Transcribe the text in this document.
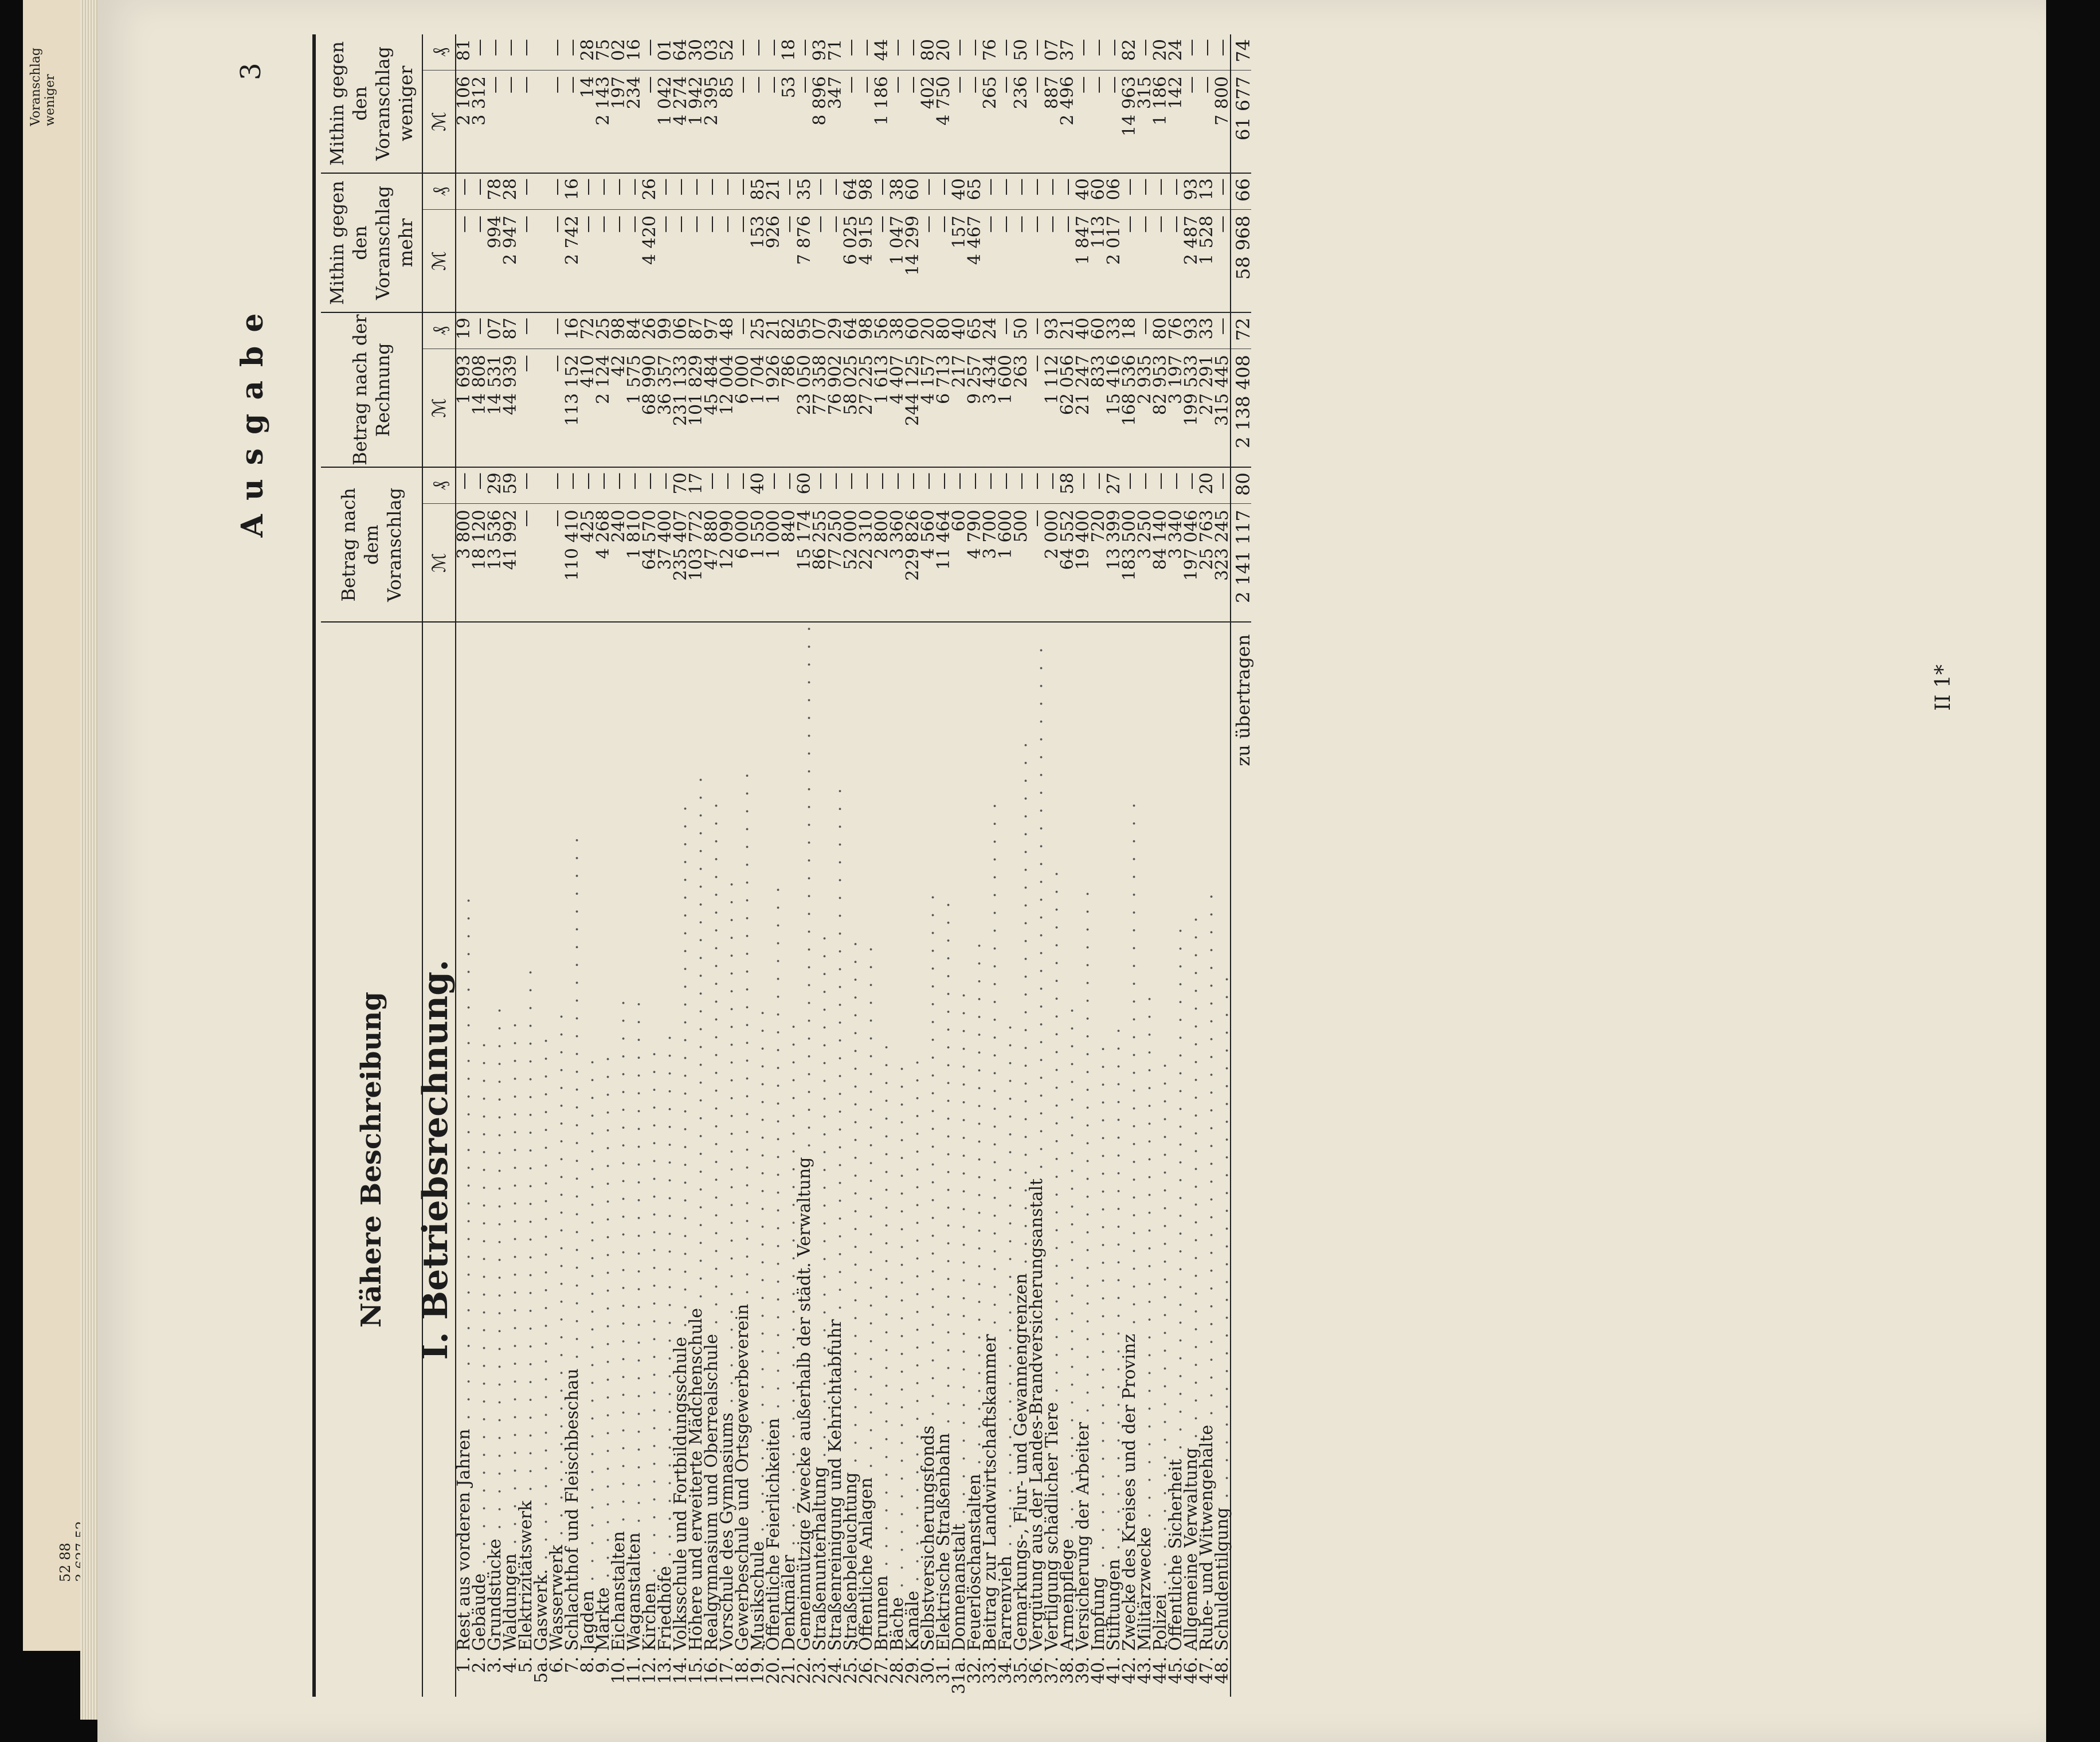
Voranschlag weniger
52 88
3
Ausgabe
Nähere Beschreibung		Betrag nach dem Voranschlag		Betrag nach der Rechnung		Mithin gegen den Voranschlag mehr		Mithin gegen den Voranschlag weniger	
I. Betriebsrechnung.		ℳ	₰	ℳ	₰	ℳ	₰	ℳ	₰
1.	Rest aus vorderen Jahren . . . . . . . . . . . . . . . . . . . . . . . . . . . . . .	3 800	—	1 693	19	—	—	2 106	81
2.	Gebäude . . . . . . . . . . . . . . . . . . . . . . . . . . . . . .	18 120	—	14 808	—	—	—	3 312	—
3.	Grundstücke . . . . . . . . . . . . . . . . . . . . . . . . . . . . . .	13 536	29	14 531	07	994	78	—	—
4.	Waldungen . . . . . . . . . . . . . . . . . . . . . . . . . . . . . .	41 992	59	44 939	87	2 947	28	—	—
5.	Elektrizitätswerk . . . . . . . . . . . . . . . . . . . . . . . . . . . . . .	—	—	—	—	—	—	—	—
5a.	Gaswerk. . . . . . . . . . . . . . . . . . . . . . . . . . . . . . .								
6.	Wasserwerk . . . . . . . . . . . . . . . . . . . . . . . . . . . . . .	—	—	—	—	—	—	—	—
7.	Schlachthof und Fleischbeschau . . . . . . . . . . . . . . . . . . . . . . . . . . . . . .	110 410	—	113 152	16	2 742	16	—	—
8.	Jagden . . . . . . . . . . . . . . . . . . . . . . . . . . . . . .	425	—	410	72	—	—	14	28
9.	Märkte . . . . . . . . . . . . . . . . . . . . . . . . . . . . . .	4 268	—	2 124	25	—	—	2 143	75
10.	Eichanstalten . . . . . . . . . . . . . . . . . . . . . . . . . . . . . .	240	—	42	98	—	—	197	02
11.	Waganstalten . . . . . . . . . . . . . . . . . . . . . . . . . . . . . .	1 810	—	1 575	84	—	—	234	16
12.	Kirchen . . . . . . . . . . . . . . . . . . . . . . . . . . . . . .	64 570	—	68 990	26	4 420	26	—	—
13.	Friedhöfe . . . . . . . . . . . . . . . . . . . . . . . . . . . . . .	37 400	—	36 357	99	—	—	1 042	01
14.	Volksschule und Fortbildungsschule . . . . . . . . . . . . . . . . . . . . . . . . . . . . . .	235 407	70	231 133	06	—	—	4 274	64
15.	Höhere und erweiterte Mädchenschule . . . . . . . . . . . . . . . . . . . . . . . . . . . . . .	103 772	17	101 829	87	—	—	1 942	30
16.	Realgymnasium und Oberrealschule . . . . . . . . . . . . . . . . . . . . . . . . . . . . . .	47 880	—	45 484	97	—	—	2 395	03
17.	Vorschule des Gymnasiums . . . . . . . . . . . . . . . . . . . . . . . . . . . . . .	12 090	—	12 004	48	—	—	85	52
18.	Gewerbeschule und Ortsgewerbeverein . . . . . . . . . . . . . . . . . . . . . . . . . . . . . .	6 000	—	6 000	—	—	—	—	—
19.	Musikschule . . . . . . . . . . . . . . . . . . . . . . . . . . . . . .	1 550	40	1 704	25	153	85	—	—
20.	Öffentliche Feierlichkeiten . . . . . . . . . . . . . . . . . . . . . . . . . . . . . .	1 000	—	1 926	21	926	21	—	—
21.	Denkmäler . . . . . . . . . . . . . . . . . . . . . . . . . . . . . .	840	—	786	82	—	—	53	18
22.	Gemeinnützige Zwecke außerhalb der städt. Verwaltung . . . . . . . . . . . . . . . . . . . . . . . . . . . . . .	15 174	60	23 050	95	7 876	35	—	—
23.	Straßenunterhaltung . . . . . . . . . . . . . . . . . . . . . . . . . . . . . .	86 255	—	77 358	07	—	—	8 896	93
24.	Straßenreinigung und Kehrichtabfuhr . . . . . . . . . . . . . . . . . . . . . . . . . . . . . .	77 250	—	76 902	29	—	—	347	71
25.	Straßenbeleuchtung . . . . . . . . . . . . . . . . . . . . . . . . . . . . . .	52 000	—	58 025	64	6 025	64	—	—
26.	Öffentliche Anlagen . . . . . . . . . . . . . . . . . . . . . . . . . . . . . .	22 310	—	27 225	98	4 915	98	—	—
27.	Brunnen . . . . . . . . . . . . . . . . . . . . . . . . . . . . . .	2 800	—	1 613	56	—	—	1 186	44
28.	Bäche . . . . . . . . . . . . . . . . . . . . . . . . . . . . . .	3 360	—	4 407	38	1 047	38	—	—
29.	Kanäle . . . . . . . . . . . . . . . . . . . . . . . . . . . . . .	229 826	—	244 125	60	14 299	60	—	—
30.	Selbstversicherungsfonds . . . . . . . . . . . . . . . . . . . . . . . . . . . . . .	4 560	—	4 157	20	—	—	402	80
31.	Elektrische Straßenbahn . . . . . . . . . . . . . . . . . . . . . . . . . . . . . .	11 464	—	6 713	80	—	—	4 750	20
31a.	Donnenanstalt . . . . . . . . . . . . . . . . . . . . . . . . . . . . . .	60	—	217	40	157	40	—	—
32.	Feuerlöschanstalten . . . . . . . . . . . . . . . . . . . . . . . . . . . . . .	4 790	—	9 257	65	4 467	65	—	—
33.	Beitrag zur Landwirtschaftskammer . . . . . . . . . . . . . . . . . . . . . . . . . . . . . .	3 700	—	3 434	24	—	—	265	76
34.	Farrenvieh . . . . . . . . . . . . . . . . . . . . . . . . . . . . . .	1 600	—	1 600	—	—	—	—	—
35.	Gemarkungs-, Flur- und Gewannengrenzen . . . . . . . . . . . . . . . . . . . . . . . . . . . . . .	500	—	263	50	—	—	236	50
36.	Vergütung aus der Landes-Brandversicherungsanstalt . . . . . . . . . . . . . . . . . . . . . . . . . . . . . .	—	—	—	—	—	—	—	—
37.	Vertilgung schädlicher Tiere . . . . . . . . . . . . . . . . . . . . . . . . . . . . . .	2 000	—	1 112	93	—	—	887	07
38.	Armenpflege . . . . . . . . . . . . . . . . . . . . . . . . . . . . . .	64 552	58	62 056	21	—	—	2 496	37
39.	Versicherung der Arbeiter . . . . . . . . . . . . . . . . . . . . . . . . . . . . . .	19 400	—	21 247	40	1 847	40	—	—
40.	Impfung . . . . . . . . . . . . . . . . . . . . . . . . . . . . . .	720	—	833	60	113	60	—	—
41.	Stiftungen . . . . . . . . . . . . . . . . . . . . . . . . . . . . . .	13 399	27	15 416	33	2 017	06	—	—
42.	Zwecke des Kreises und der Provinz . . . . . . . . . . . . . . . . . . . . . . . . . . . . . .	183 500	—	168 536	18	—	—	14 963	82
43.	Militärzwecke . . . . . . . . . . . . . . . . . . . . . . . . . . . . . .	3 250	—	2 935	—	—	—	315	—
44.	Polizei . . . . . . . . . . . . . . . . . . . . . . . . . . . . . .	84 140	—	82 953	80	—	—	1 186	20
45.	Öffentliche Sicherheit . . . . . . . . . . . . . . . . . . . . . . . . . . . . . .	3 340	—	3 197	76	—	—	142	24
46.	Allgemeine Verwaltung . . . . . . . . . . . . . . . . . . . . . . . . . . . . . .	197 046	—	199 533	93	2 487	93	—	—
47.	Ruhe- und Witwengehalte . . . . . . . . . . . . . . . . . . . . . . . . . . . . . .	25 763	20	27 291	33	1 528	13	—	—
48.	Schuldentilgung . . . . . . . . . . . . . . . . . . . . . . . . . . . . . .	323 245	—	315 445	—	—	—	7 800	—
	zu übertragen	2 141 117	80	2 138 408	72	58 968	66	61 677	74
II 1*
